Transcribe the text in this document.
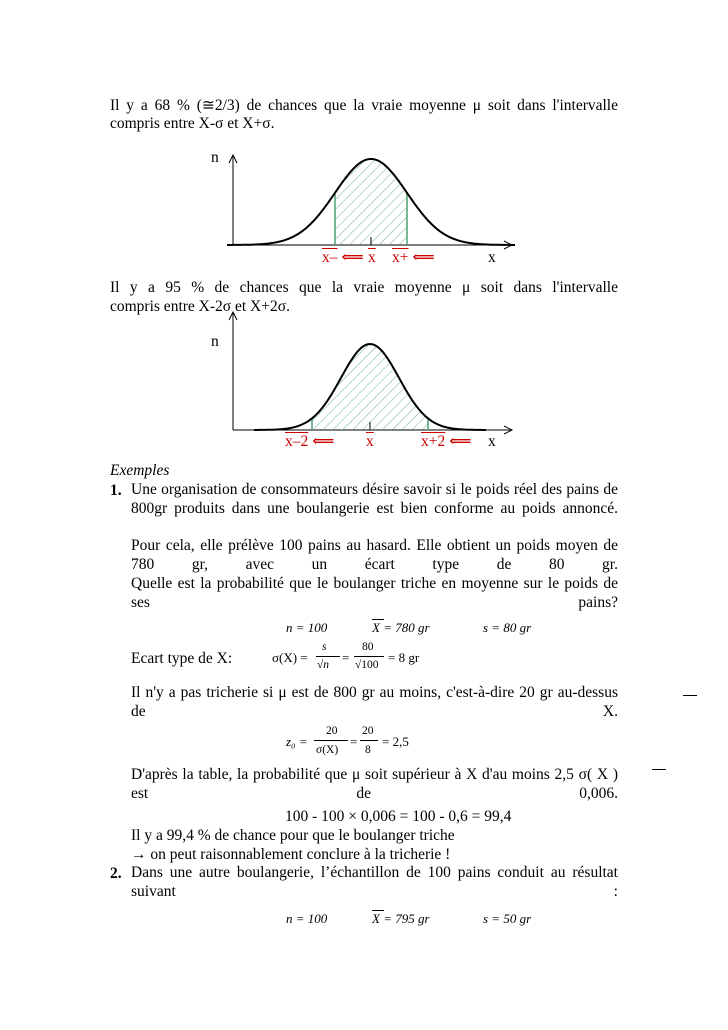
Il y a 68 % (≅2/3) de chances que la vraie moyenne μ soit dans l'intervalle
compris entre X-σ et X+σ.
n
x
x– ⟸ $\overline{x}$ x+ ⟸
Il y a 95 % de chances que la vraie moyenne μ soit dans l'intervalle
compris entre X-2σ et X+2σ.
n
x
x–2 ⟸ $\overline{x}$	x+2 ⟸
Exemples
1. Une organisation de consommateurs désire savoir si le poids réel des pains de 800gr produits dans une boulangerie est bien conforme au poids annoncé.
Pour cela, elle prélève 100 pains au hasard. Elle obtient un poids moyen de 780 gr, avec un écart type de 80 gr.
Quelle est la probabilité que le boulanger triche en moyenne sur le poids de ses pains?
n = 100	X = 780 gr	s = 80 gr
Ecart type de X:	σ(X) =
s
√n =
80
√100 = 8 gr
Il n'y a pas tricherie si μ est de 800 gr au moins, c'est-à-dire 20 gr au-dessus de X.
z₀ =
20
σ(X)
=
20
8
= 2,5
D'après la table, la probabilité que μ soit supérieur à X d'au moins 2,5 σ( X ) est de 0,006.
100 - 100 × 0,006 = 100 - 0,6 = 99,4
Il y a 99,4 % de chance pour que le boulanger triche
→ on peut raisonnablement conclure à la tricherie !
2. Dans une autre boulangerie, l’échantillon de 100 pains conduit au résultat suivant :
n = 100	X = 795 gr	s = 50 gr
